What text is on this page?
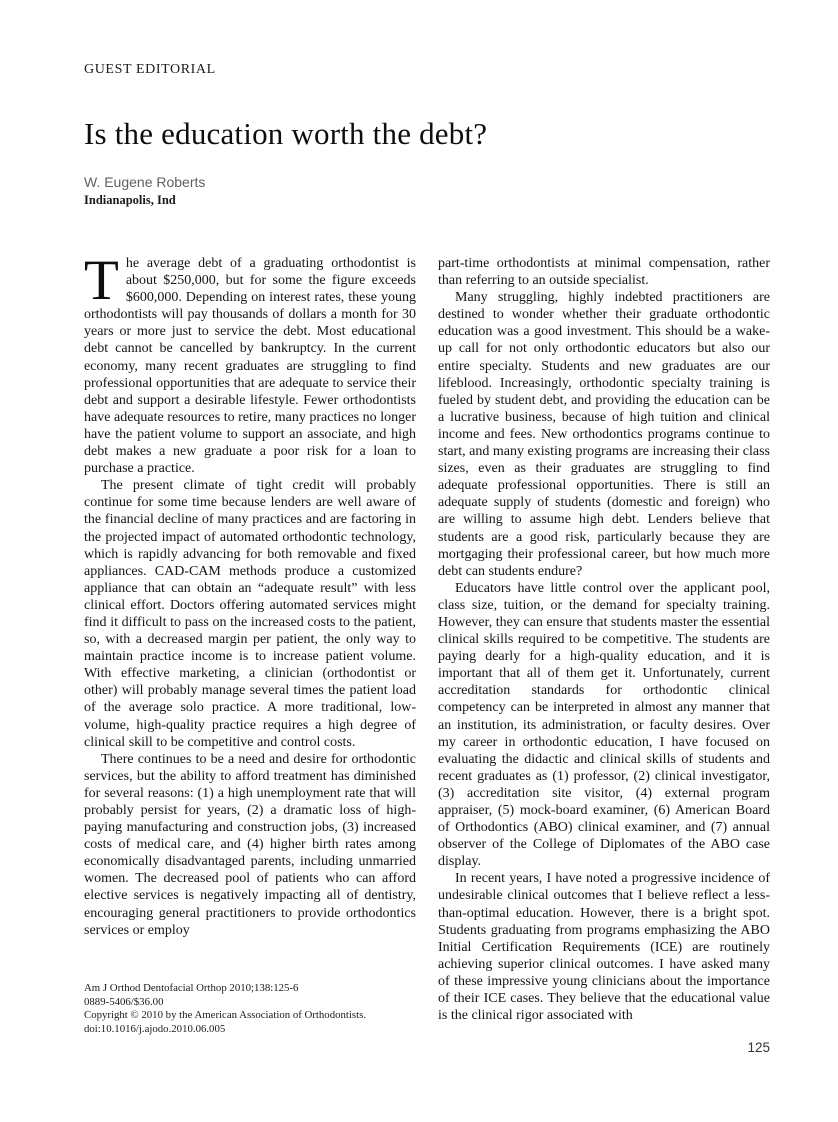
GUEST EDITORIAL
Is the education worth the debt?
W. Eugene Roberts
Indianapolis, Ind

The average debt of a graduating orthodontist is about $250,000, but for some the figure exceeds $600,000. Depending on interest rates, these young orthodontists will pay thousands of dollars a month for 30 years or more just to service the debt. Most educational debt cannot be cancelled by bankruptcy. In the current economy, many recent graduates are struggling to find professional opportunities that are adequate to service their debt and support a desirable lifestyle. Fewer orthodontists have adequate resources to retire, many practices no longer have the patient volume to support an associate, and high debt makes a new graduate a poor risk for a loan to purchase a practice.

The present climate of tight credit will probably continue for some time because lenders are well aware of the financial decline of many practices and are factoring in the projected impact of automated orthodontic technology, which is rapidly advancing for both removable and fixed appliances. CAD-CAM methods produce a customized appliance that can obtain an “adequate result” with less clinical effort. Doctors offering automated services might find it difficult to pass on the increased costs to the patient, so, with a decreased margin per patient, the only way to maintain practice income is to increase patient volume. With effective marketing, a clinician (orthodontist or other) will probably manage several times the patient load of the average solo practice. A more traditional, low-volume, high-quality practice requires a high degree of clinical skill to be competitive and control costs.

There continues to be a need and desire for orthodontic services, but the ability to afford treatment has diminished for several reasons: (1) a high unemployment rate that will probably persist for years, (2) a dramatic loss of high-paying manufacturing and construction jobs, (3) increased costs of medical care, and (4) higher birth rates among economically disadvantaged parents, including unmarried women. The decreased pool of patients who can afford elective services is negatively impacting all of dentistry, encouraging general practitioners to provide orthodontics services or employ

part-time orthodontists at minimal compensation, rather than referring to an outside specialist.

Many struggling, highly indebted practitioners are destined to wonder whether their graduate orthodontic education was a good investment. This should be a wake-up call for not only orthodontic educators but also our entire specialty. Students and new graduates are our lifeblood. Increasingly, orthodontic specialty training is fueled by student debt, and providing the education can be a lucrative business, because of high tuition and clinical income and fees. New orthodontics programs continue to start, and many existing programs are increasing their class sizes, even as their graduates are struggling to find adequate professional opportunities. There is still an adequate supply of students (domestic and foreign) who are willing to assume high debt. Lenders believe that students are a good risk, particularly because they are mortgaging their professional career, but how much more debt can students endure?

Educators have little control over the applicant pool, class size, tuition, or the demand for specialty training. However, they can ensure that students master the essential clinical skills required to be competitive. The students are paying dearly for a high-quality education, and it is important that all of them get it. Unfortunately, current accreditation standards for orthodontic clinical competency can be interpreted in almost any manner that an institution, its administration, or faculty desires. Over my career in orthodontic education, I have focused on evaluating the didactic and clinical skills of students and recent graduates as (1) professor, (2) clinical investigator, (3) accreditation site visitor, (4) external program appraiser, (5) mock-board examiner, (6) American Board of Orthodontics (ABO) clinical examiner, and (7) annual observer of the College of Diplomates of the ABO case display.

In recent years, I have noted a progressive incidence of undesirable clinical outcomes that I believe reflect a less-than-optimal education. However, there is a bright spot. Students graduating from programs emphasizing the ABO Initial Certification Requirements (ICE) are routinely achieving superior clinical outcomes. I have asked many of these impressive young clinicians about the importance of their ICE cases. They believe that the educational value is the clinical rigor associated with

Am J Orthod Dentofacial Orthop 2010;138:125-6
0889-5406/$36.00
Copyright © 2010 by the American Association of Orthodontists.
doi:10.1016/j.ajodo.2010.06.005
125
